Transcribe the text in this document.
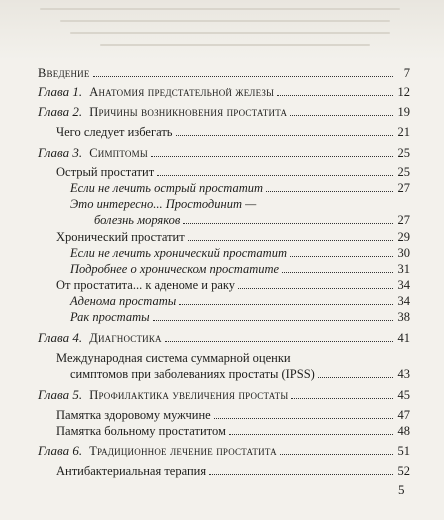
Введение	7
Глава 1. Анатомия предстательной железы	12
Глава 2. Причины возникновения простатита	19
Чего следует избегать	21
Глава 3. Симптомы	25
Острый простатит	25
Если не лечить острый простатит	27
Это интересно... Простодинит —
болезнь моряков	27
Хронический простатит	29
Если не лечить хронический простатит	30
Подробнее о хроническом простатите	31
От простатита... к аденоме и раку	34
Аденома простаты	34
Рак простаты	38
Глава 4. Диагностика	41
Международная система суммарной оценки
симптомов при заболеваниях простаты (IPSS)	43
Глава 5. Профилактика увеличения простаты	45
Памятка здоровому мужчине	47
Памятка больному простатитом	48
Глава 6. Традиционное лечение простатита	51
Антибактериальная терапия	52
5
